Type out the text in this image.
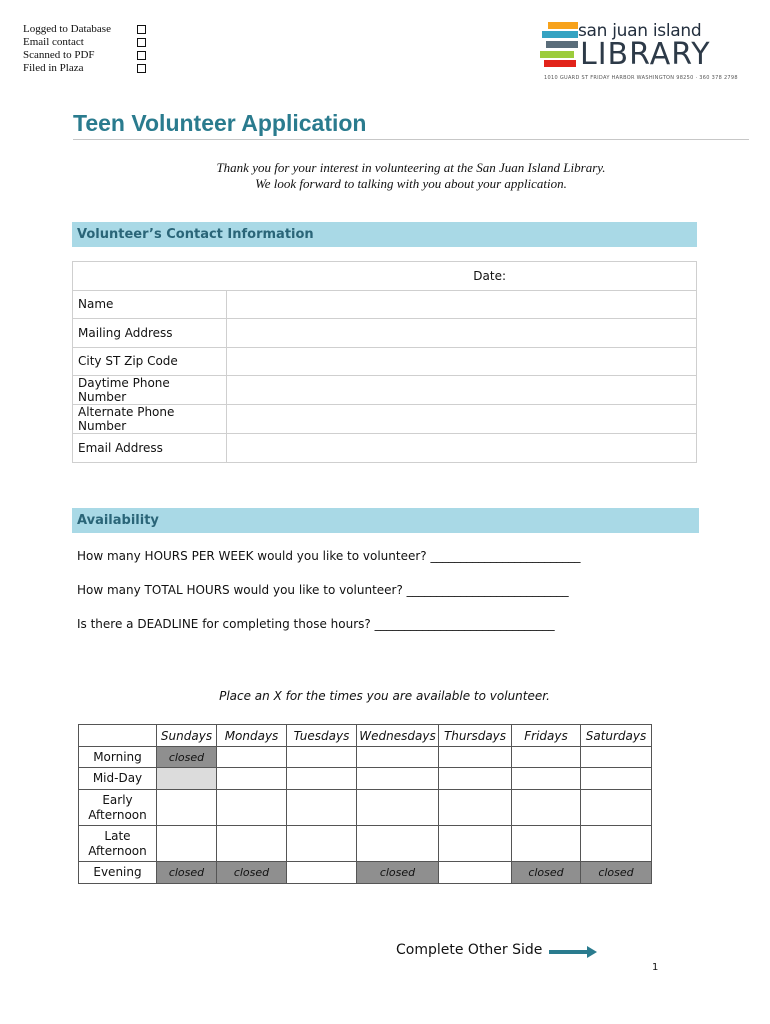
Logged to Database
Email contact
Scanned to PDF
Filed in Plaza
san juan island
LIBRARY
1010 GUARD ST FRIDAY HARBOR WASHINGTON 98250 · 360 378 2798
Teen Volunteer Application
Thank you for your interest in volunteering at the San Juan Island Library.
We look forward to talking with you about your application.
Volunteer’s Contact Information
Date:	
Name	
Mailing Address	
City ST Zip Code	
Daytime Phone Number	
Alternate Phone Number	
Email Address	
Availability
How many HOURS PER WEEK would you like to volunteer? _________________________
How many TOTAL HOURS would you like to volunteer? ___________________________
Is there a DEADLINE for completing those hours? ______________________________
Place an X for the times you are available to volunteer.
	Sundays	Mondays	Tuesdays	Wednesdays	Thursdays	Fridays	Saturdays
Morning	closed						
Mid-Day							
Early Afternoon							
Late Afternoon							
Evening	closed	closed		closed		closed	closed
Complete Other Side
1
